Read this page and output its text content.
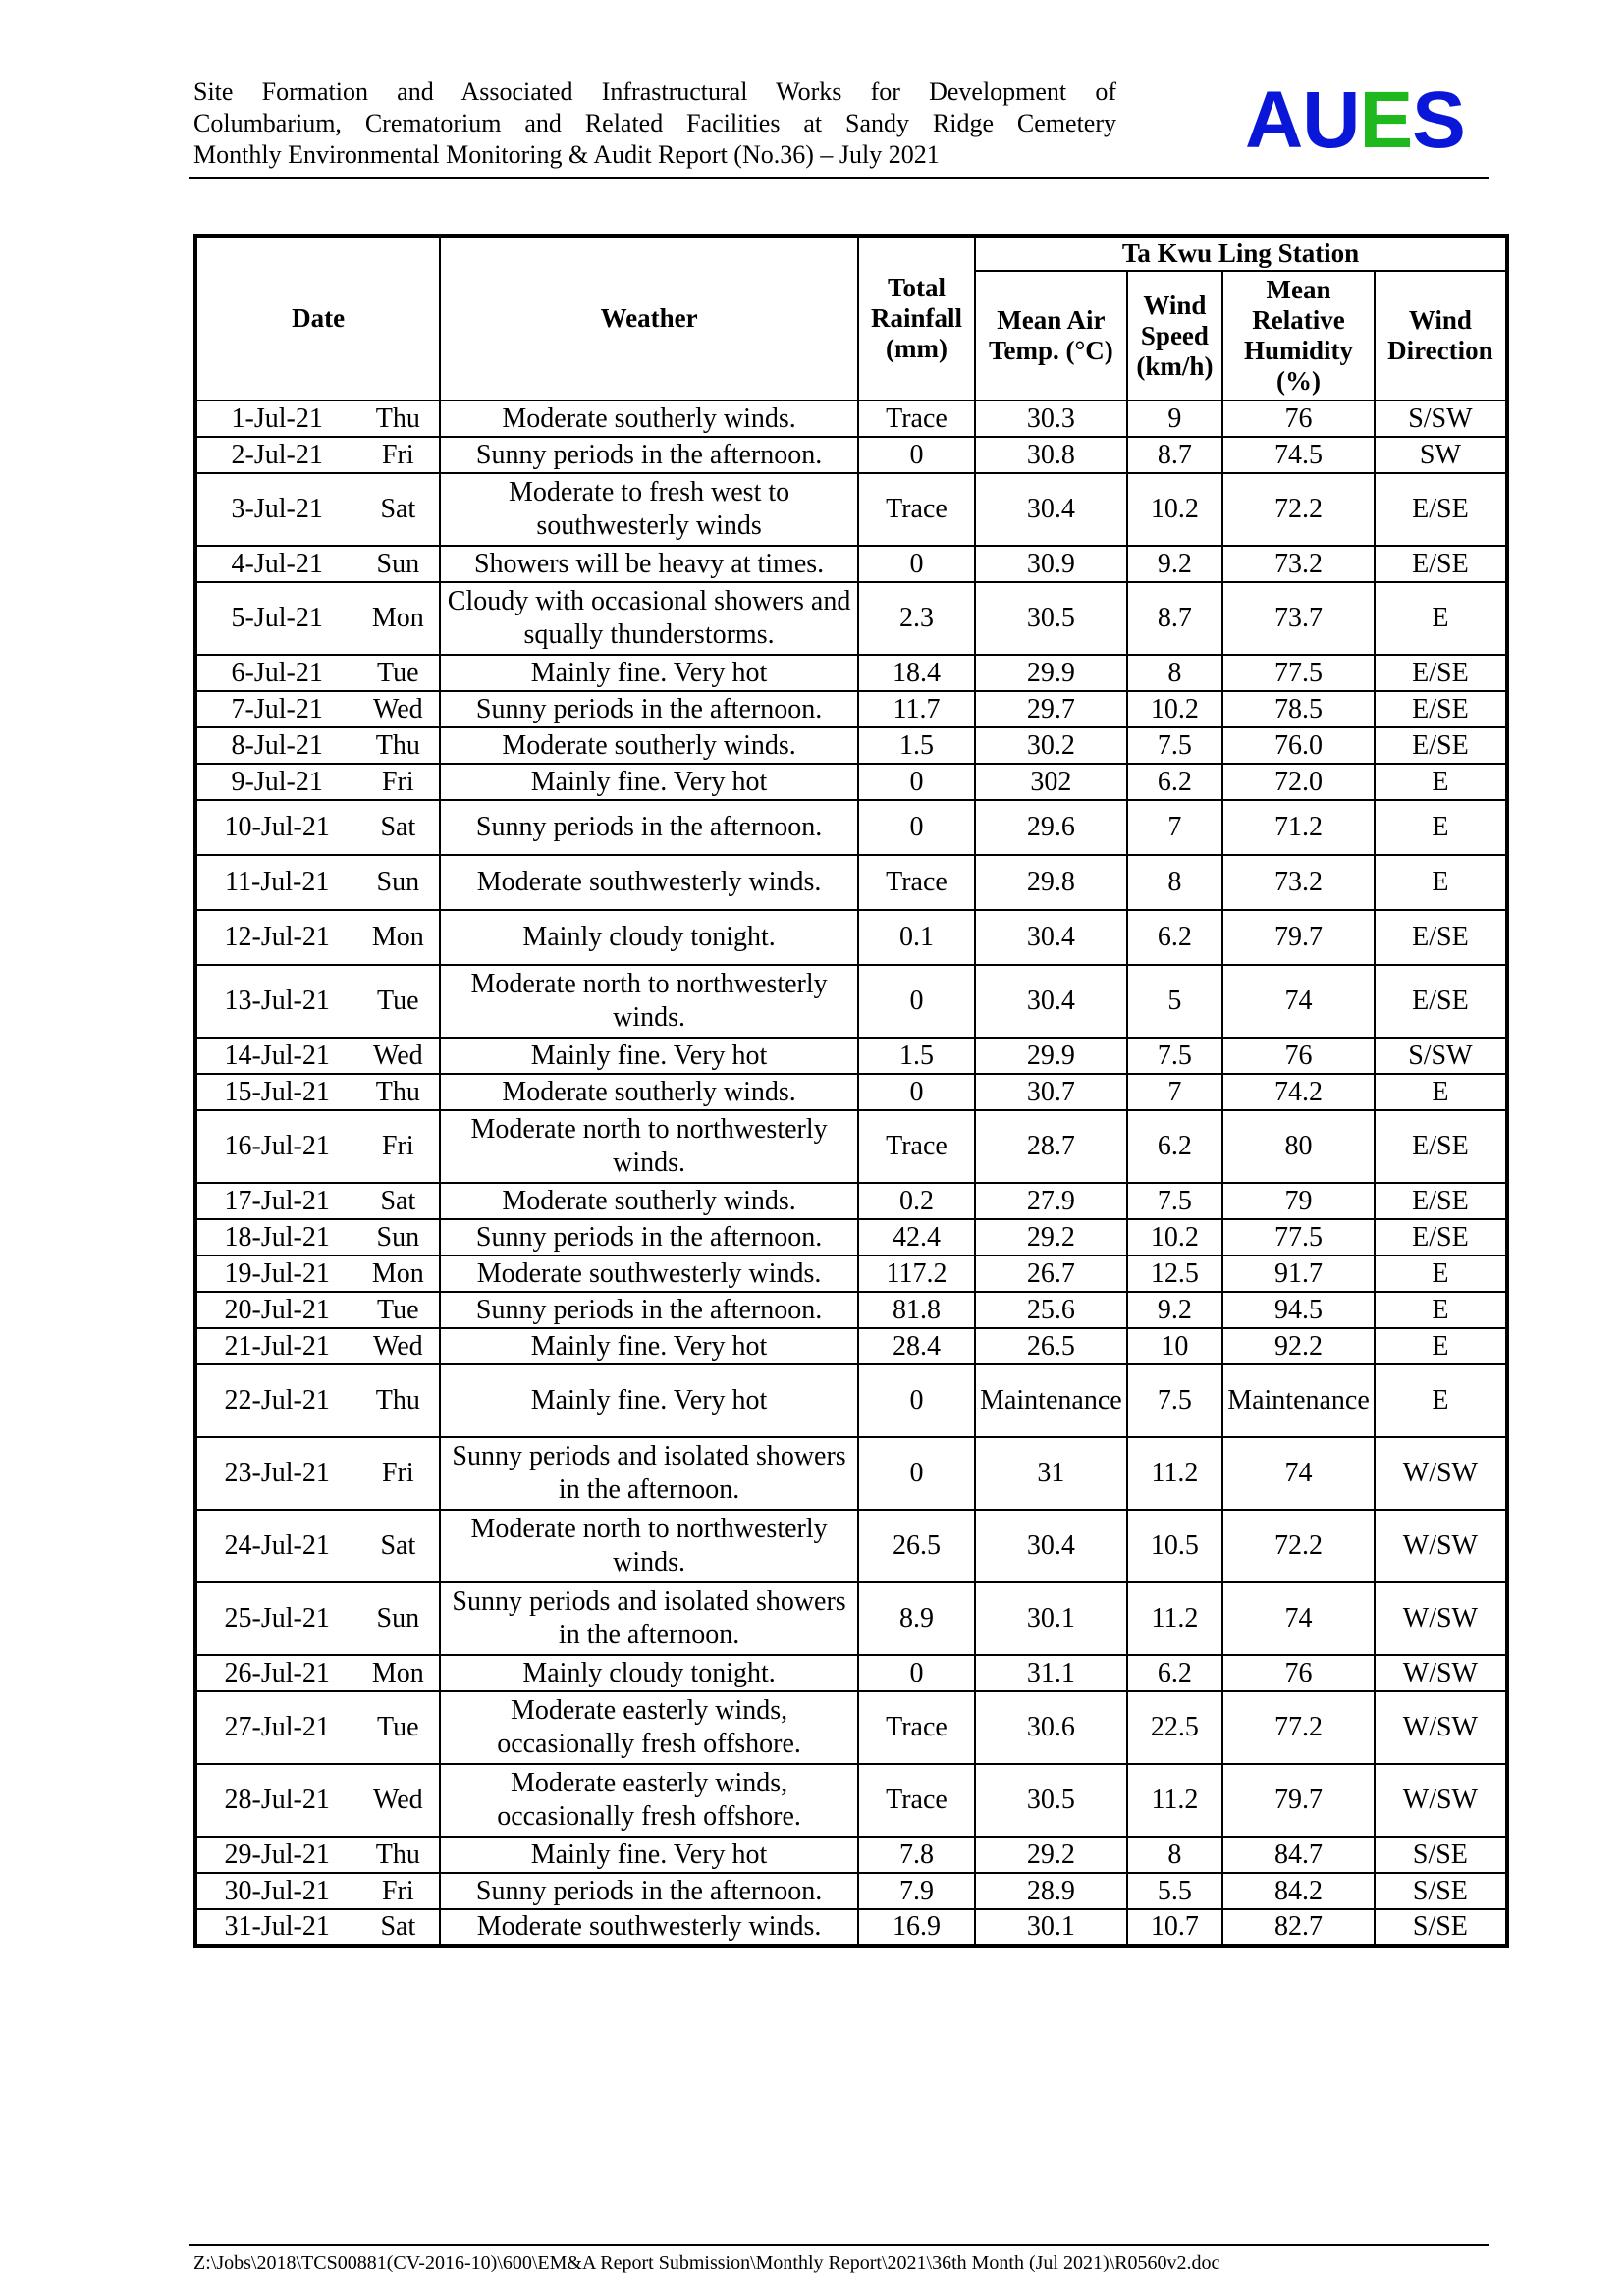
Site Formation and Associated Infrastructural Works for Development of
Columbarium, Crematorium and Related Facilities at Sandy Ridge Cemetery
Monthly Environmental Monitoring & Audit Report (No.36) – July 2021	AUES
Date		Weather	Total Rainfall (mm)	Ta Kwu Ling Station			
				Mean Air Temp. (°C)	Wind Speed (km/h)	Mean Relative Humidity (%)	Wind Direction
1-Jul-21	Thu	Moderate southerly winds.	Trace	30.3	9	76	S/SW
2-Jul-21	Fri	Sunny periods in the afternoon.	0	30.8	8.7	74.5	SW
3-Jul-21	Sat	Moderate to fresh west to southwesterly winds	Trace	30.4	10.2	72.2	E/SE
4-Jul-21	Sun	Showers will be heavy at times.	0	30.9	9.2	73.2	E/SE
5-Jul-21	Mon	Cloudy with occasional showers and squally thunderstorms.	2.3	30.5	8.7	73.7	E
6-Jul-21	Tue	Mainly fine. Very hot	18.4	29.9	8	77.5	E/SE
7-Jul-21	Wed	Sunny periods in the afternoon.	11.7	29.7	10.2	78.5	E/SE
8-Jul-21	Thu	Moderate southerly winds.	1.5	30.2	7.5	76.0	E/SE
9-Jul-21	Fri	Mainly fine. Very hot	0	302	6.2	72.0	E
10-Jul-21	Sat	Sunny periods in the afternoon.	0	29.6	7	71.2	E
11-Jul-21	Sun	Moderate southwesterly winds.	Trace	29.8	8	73.2	E
12-Jul-21	Mon	Mainly cloudy tonight.	0.1	30.4	6.2	79.7	E/SE
13-Jul-21	Tue	Moderate north to northwesterly winds.	0	30.4	5	74	E/SE
14-Jul-21	Wed	Mainly fine. Very hot	1.5	29.9	7.5	76	S/SW
15-Jul-21	Thu	Moderate southerly winds.	0	30.7	7	74.2	E
16-Jul-21	Fri	Moderate north to northwesterly winds.	Trace	28.7	6.2	80	E/SE
17-Jul-21	Sat	Moderate southerly winds.	0.2	27.9	7.5	79	E/SE
18-Jul-21	Sun	Sunny periods in the afternoon.	42.4	29.2	10.2	77.5	E/SE
19-Jul-21	Mon	Moderate southwesterly winds.	117.2	26.7	12.5	91.7	E
20-Jul-21	Tue	Sunny periods in the afternoon.	81.8	25.6	9.2	94.5	E
21-Jul-21	Wed	Mainly fine. Very hot	28.4	26.5	10	92.2	E
22-Jul-21	Thu	Mainly fine. Very hot	0	Maintenance	7.5	Maintenance	E
23-Jul-21	Fri	Sunny periods and isolated showers in the afternoon.	0	31	11.2	74	W/SW
24-Jul-21	Sat	Moderate north to northwesterly winds.	26.5	30.4	10.5	72.2	W/SW
25-Jul-21	Sun	Sunny periods and isolated showers in the afternoon.	8.9	30.1	11.2	74	W/SW
26-Jul-21	Mon	Mainly cloudy tonight.	0	31.1	6.2	76	W/SW
27-Jul-21	Tue	Moderate easterly winds, occasionally fresh offshore.	Trace	30.6	22.5	77.2	W/SW
28-Jul-21	Wed	Moderate easterly winds, occasionally fresh offshore.	Trace	30.5	11.2	79.7	W/SW
29-Jul-21	Thu	Mainly fine. Very hot	7.8	29.2	8	84.7	S/SE
30-Jul-21	Fri	Sunny periods in the afternoon.	7.9	28.9	5.5	84.2	S/SE
31-Jul-21	Sat	Moderate southwesterly winds.	16.9	30.1	10.7	82.7	S/SE
Z:\Jobs\2018\TCS00881(CV-2016-10)\600\EM&A Report Submission\Monthly Report\2021\36th Month (Jul 2021)\R0560v2.doc
